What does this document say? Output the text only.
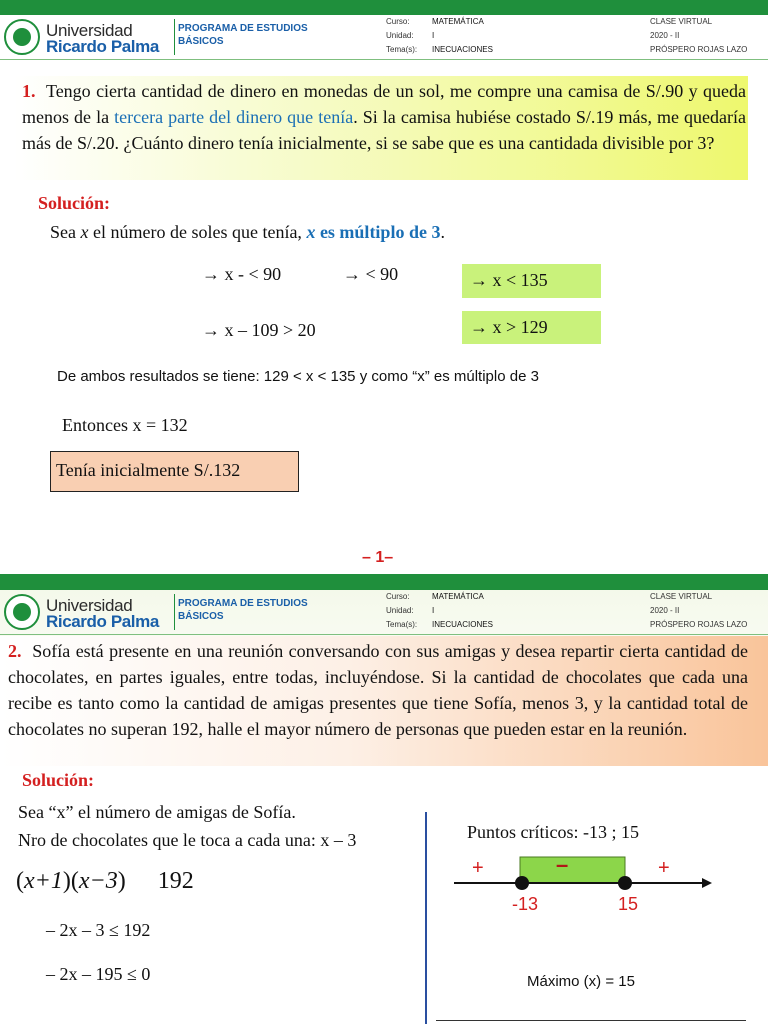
Universidad
Ricardo Palma
PROGRAMA DE ESTUDIOS
BÁSICOS
Curso:	MATEMÁTICA
Unidad: I
Tema(s): INECUACIONES
CLASE VIRTUAL
2020 - II
PRÓSPERO ROJAS LAZO
1. Tengo cierta cantidad de dinero en monedas de un sol, me compre una camisa de S/.90 y queda menos de la tercera parte del dinero que tenía. Si la camisa hubiése costado S/.19 más, me quedaría más de S/.20. ¿Cuánto dinero tenía inicialmente, si se sabe que es una cantidada divisible por 3?
Solución:
Sea x el número de soles que tenía, x es múltiplo de 3.
→ x - < 90	→ < 90	→ x < 135
→ x – 109 > 20	→ x > 129
De ambos resultados se tiene: 129 < x < 135 y como “x” es múltiplo de 3
Entonces x = 132
Tenía inicialmente S/.132
– 1–
Universidad
Ricardo Palma
PROGRAMA DE ESTUDIOS
BÁSICOS
Curso:	MATEMÁTICA
Unidad: I
Tema(s): INECUACIONES
CLASE VIRTUAL
2020 - II
PRÓSPERO ROJAS LAZO
2. Sofía está presente en una reunión conversando con sus amigas y desea repartir cierta cantidad de chocolates, en partes iguales, entre todas, incluyéndose. Si la cantidad de chocolates que cada una recibe es tanto como la cantidad de amigas presentes que tiene Sofía, menos 3, y la cantidad total de chocolates no superan 192, halle el mayor número de personas que pueden estar en la reunión.
Solución:
Sea “x” el número de amigas de Sofía.
Nro de chocolates que le toca a cada una: x – 3
(x+1)(x−3) 192
– 2x – 3 ≤ 192
– 2x – 195 ≤ 0
Puntos críticos: -13 ; 15
+	–	+
-13	15
Máximo (x) = 15
